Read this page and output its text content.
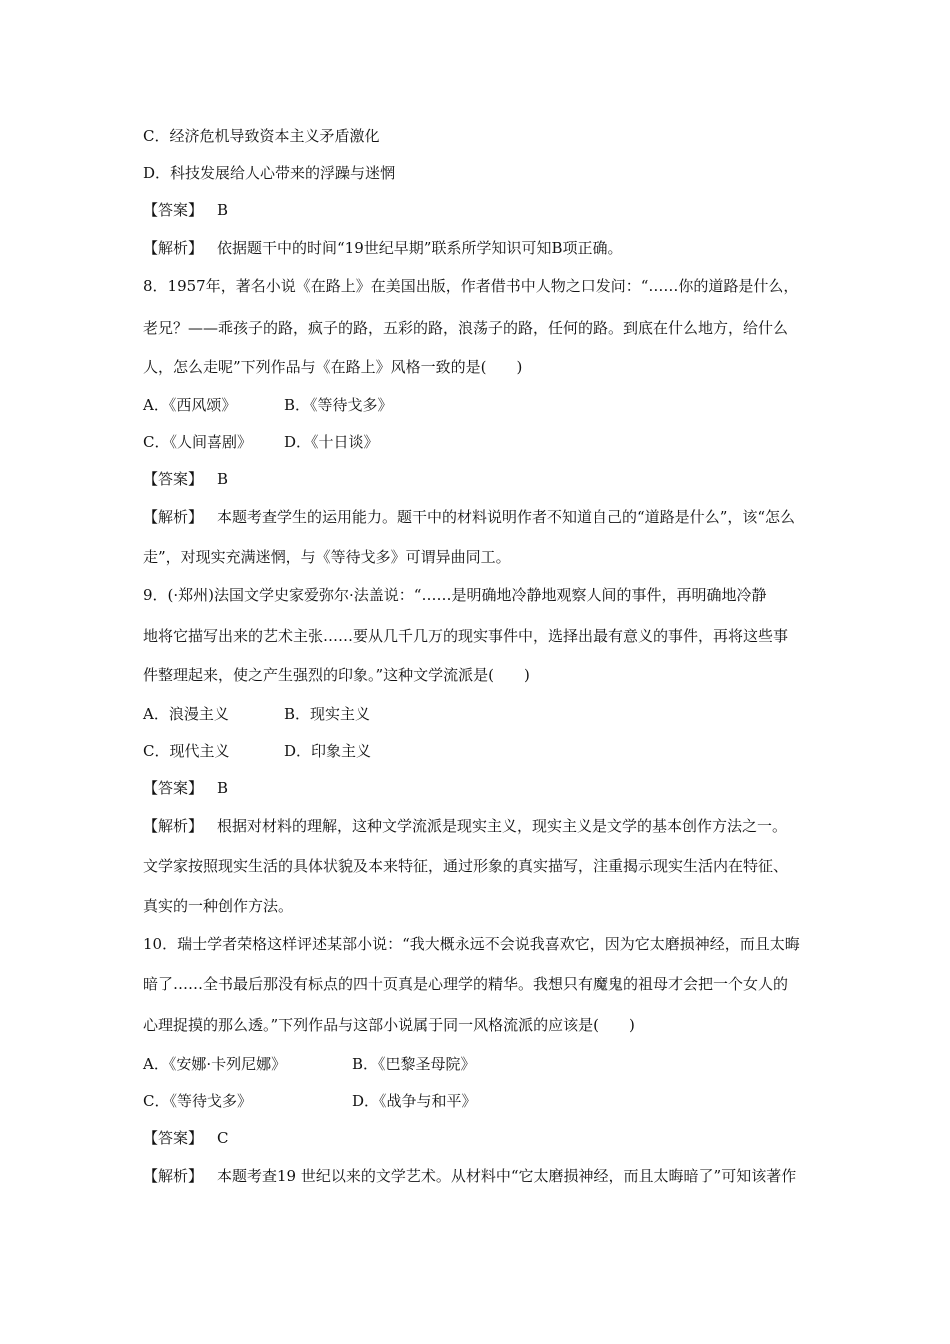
C．经济危机导致资本主义矛盾激化
D．科技发展给人心带来的浮躁与迷惘
【答案】 B
【解析】 依据题干中的时间“19世纪早期”联系所学知识可知B项正确。
8．1957年，著名小说《在路上》在美国出版，作者借书中人物之口发问：“……你的道路是什么，
老兄？——乖孩子的路，疯子的路，五彩的路，浪荡子的路，任何的路。到底在什么地方，给什么
人，怎么走呢”下列作品与《在路上》风格一致的是(　　)
A．《西风颂》	B．《等待戈多》
C．《人间喜剧》 D．《十日谈》
【答案】 B
【解析】 本题考查学生的运用能力。题干中的材料说明作者不知道自己的“道路是什么”，该“怎么
走”，对现实充满迷惘，与《等待戈多》可谓异曲同工。
9．(·郑州)法国文学史家爱弥尔·法盖说：“……是明确地冷静地观察人间的事件，再明确地冷静
地将它描写出来的艺术主张……要从几千几万的现实事件中，选择出最有意义的事件，再将这些事
件整理起来，使之产生强烈的印象。”这种文学流派是(　　)
A．浪漫主义	B．现实主义
C．现代主义	D．印象主义
【答案】 B
【解析】 根据对材料的理解，这种文学流派是现实主义，现实主义是文学的基本创作方法之一。
文学家按照现实生活的具体状貌及本来特征，通过形象的真实描写，注重揭示现实生活内在特征、
真实的一种创作方法。
10．瑞士学者荣格这样评述某部小说：“我大概永远不会说我喜欢它，因为它太磨损神经，而且太晦
暗了……全书最后那没有标点的四十页真是心理学的精华。我想只有魔鬼的祖母才会把一个女人的
心理捉摸的那么透。”下列作品与这部小说属于同一风格流派的应该是(　　)
A．《安娜·卡列尼娜》	B．《巴黎圣母院》
C．《等待戈多》	D．《战争与和平》
【答案】 C
【解析】 本题考查19 世纪以来的文学艺术。从材料中“它太磨损神经，而且太晦暗了”可知该著作
